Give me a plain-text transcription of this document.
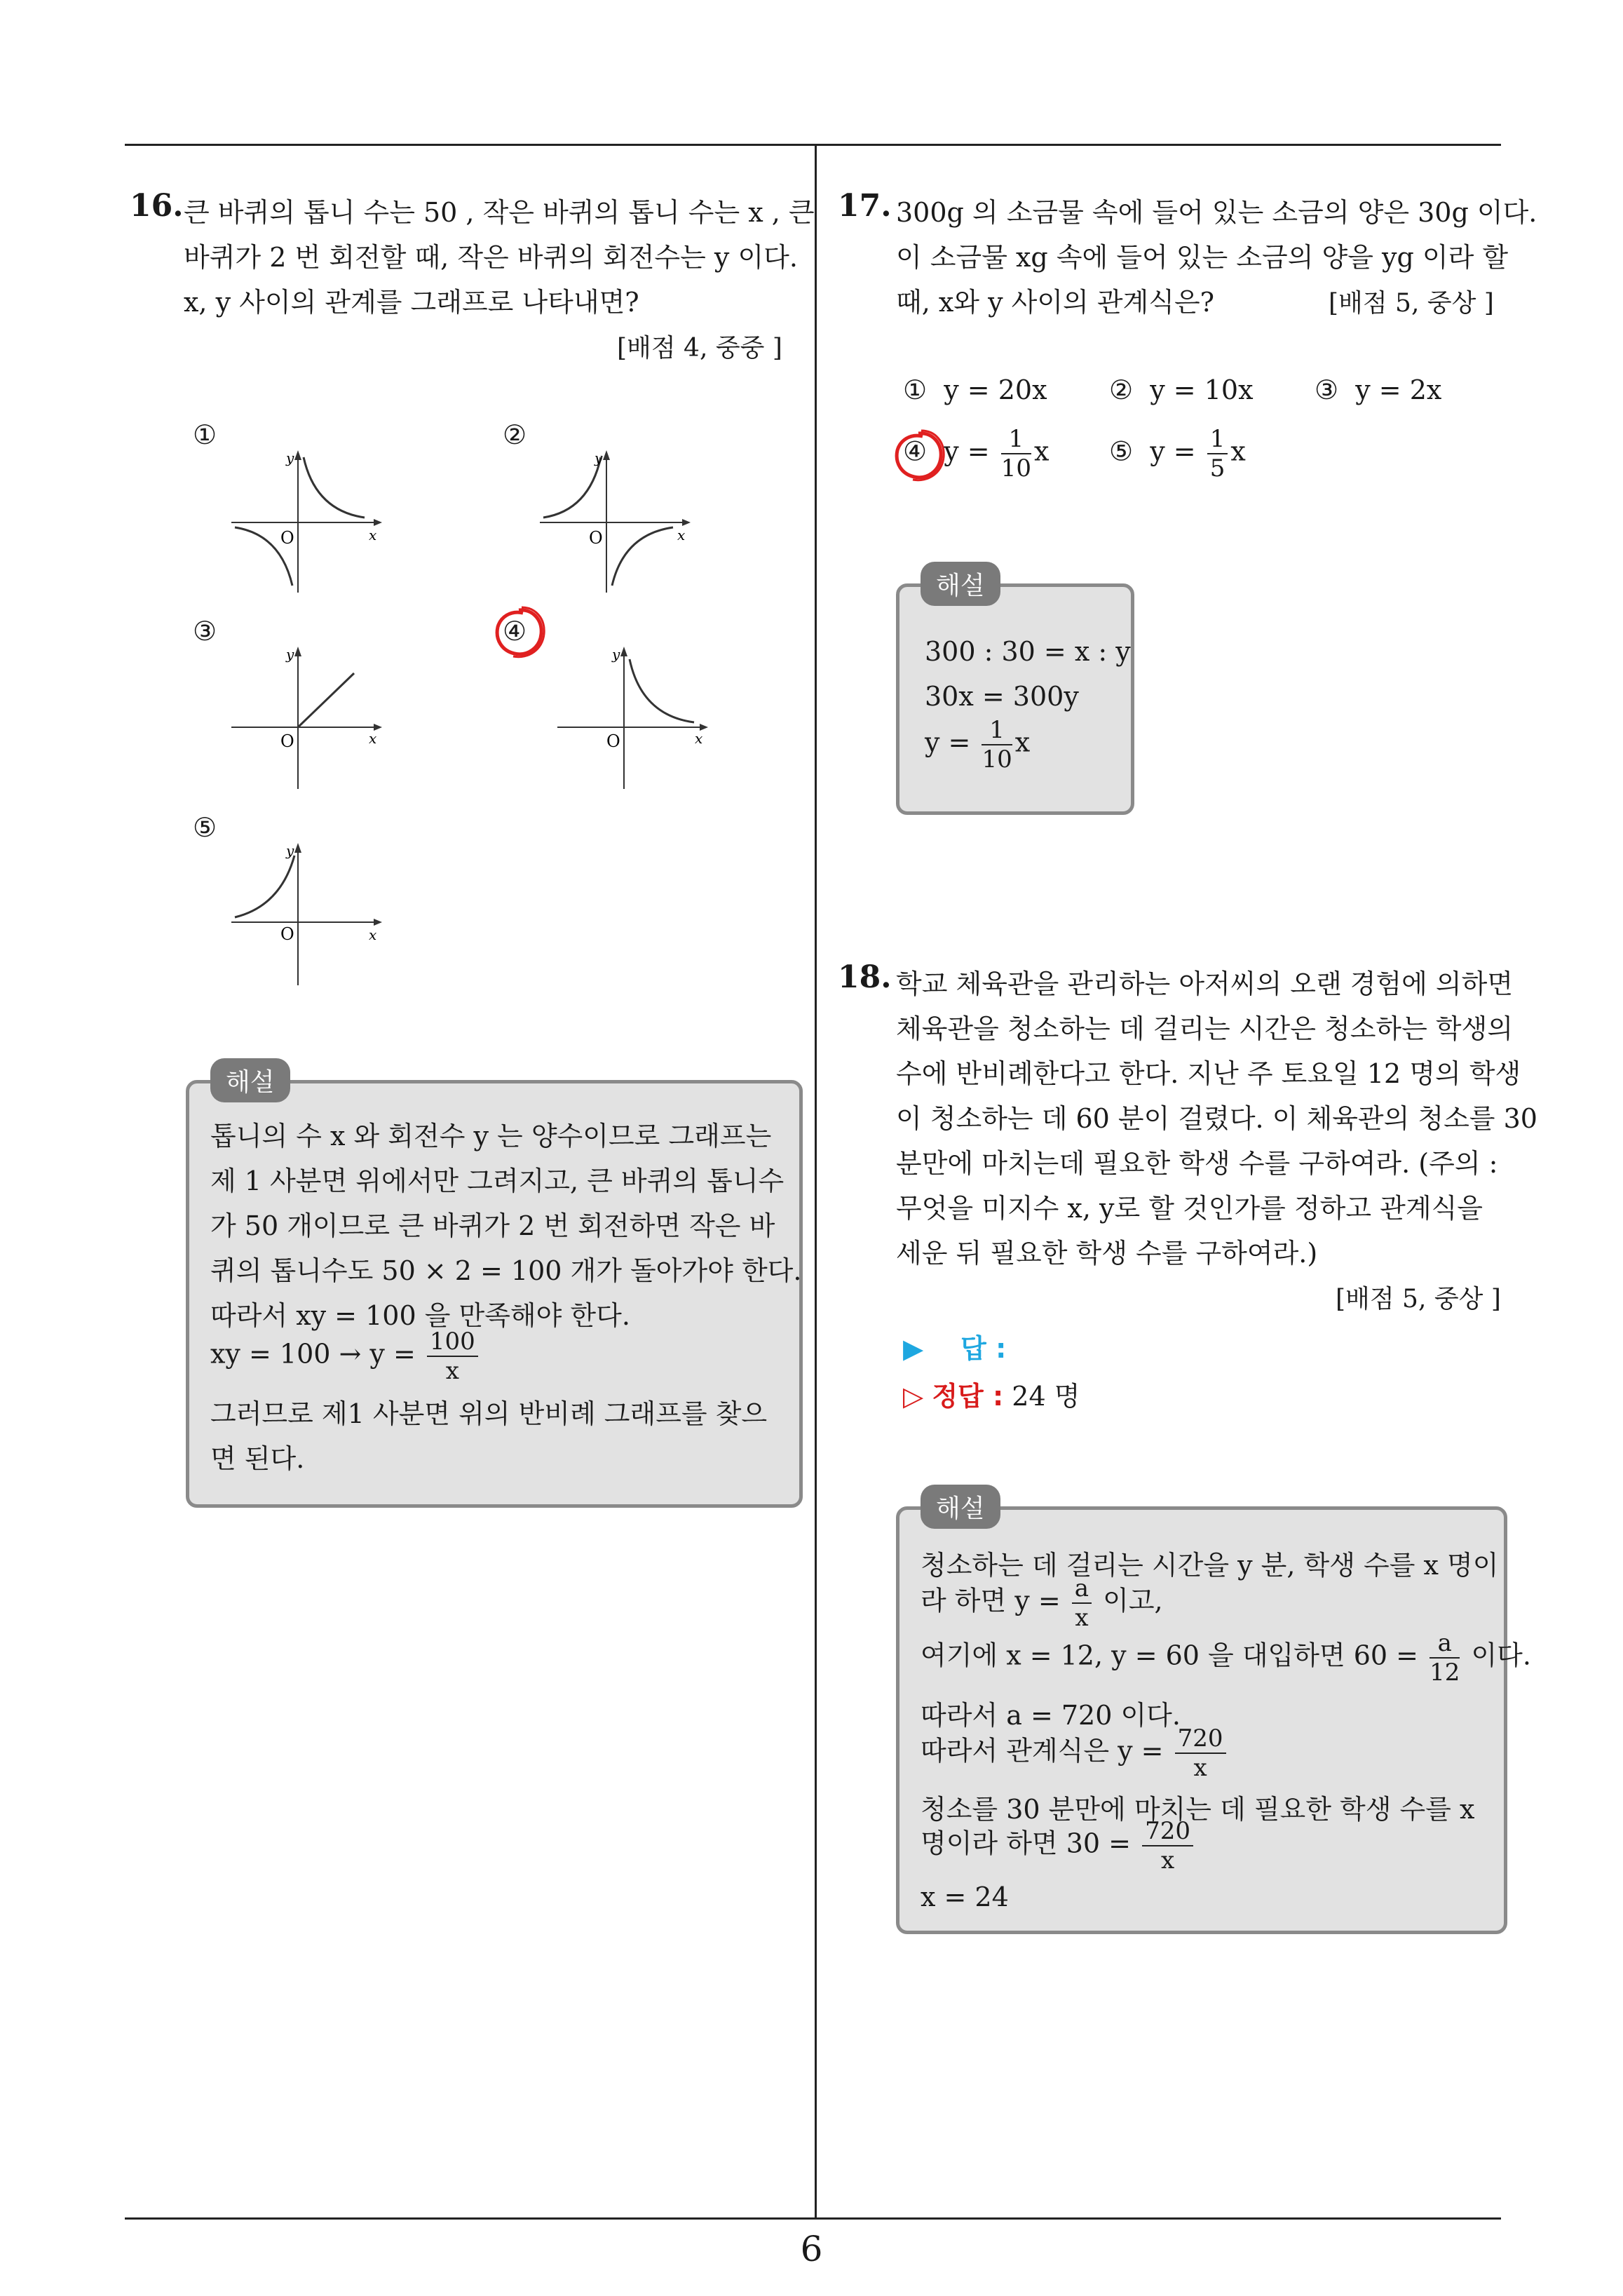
16. 큰 바퀴의 톱니 수는 50 , 작은 바퀴의 톱니 수는 x , 큰
바퀴가 2 번 회전할 때, 작은 바퀴의 회전수는 y 이다.
x, y 사이의 관계를 그래프로 나타내면?
[배점 4, 중중 ]
①
O	x
y
②
O	x
y
③
O	x
y
④
O	x
y
⑤
O	x
y
해설
톱니의 수 x 와 회전수 y 는 양수이므로 그래프는
제 1 사분면 위에서만 그려지고, 큰 바퀴의 톱니수
가 50 개이므로 큰 바퀴가 2 번 회전하면 작은 바
퀴의 톱니수도 50 × 2 = 100 개가 돌아가야 한다.
따라서 xy = 100 을 만족해야 한다.
xy = $100 \to y = \frac{100}{x}$
그러므로 제1 사분면 위의 반비례 그래프를 찾으
면 된다.
17. 300g 의 소금물 속에 들어 있는 소금의 양은 30g 이다.
이 소금물 xg 속에 들어 있는 소금의 양을 yg 이라 할
때, x와 y 사이의 관계식은?	[배점 5, 중상 ]
① y = 20x ② y = 10x ③ y = 2x
④ $y = \frac{1}{10}$ x ⑤ $y = \frac{1}{5}$ x
해설
300 : 30 = x : y
30x = 300y
$y = \frac{1}{10}$ x
18. 학교 체육관을 관리하는 아저씨의 오랜 경험에 의하면
체육관을 청소하는 데 걸리는 시간은 청소하는 학생의
수에 반비례한다고 한다. 지난 주 토요일 12 명의 학생
이 청소하는 데 60 분이 걸렸다. 이 체육관의 청소를 30
분만에 마치는데 필요한 학생 수를 구하여라. (주의 :
무엇을 미지수 x, y로 할 것인가를 정하고 관계식을
세운 뒤 필요한 학생 수를 구하여라.)
[배점 5, 중상 ]
▶ 답 :
▷ 정답 : 24 명
해설
청소하는 데 걸리는 시간을 y 분, 학생 수를 x 명이
라 하면 $y = \frac{a}{x}$ 이고,
여기에 x = 12, y = 60 을 대입하면 $60 = \frac{a}{12}$ 이다.
따라서 a = 720 이다.
따라서 관계식은 $y = \frac{720}{x}$
청소를 30 분만에 마치는 데 필요한 학생 수를 x
명이라 하면 $30 = \frac{720}{x}$
x = 24
6
